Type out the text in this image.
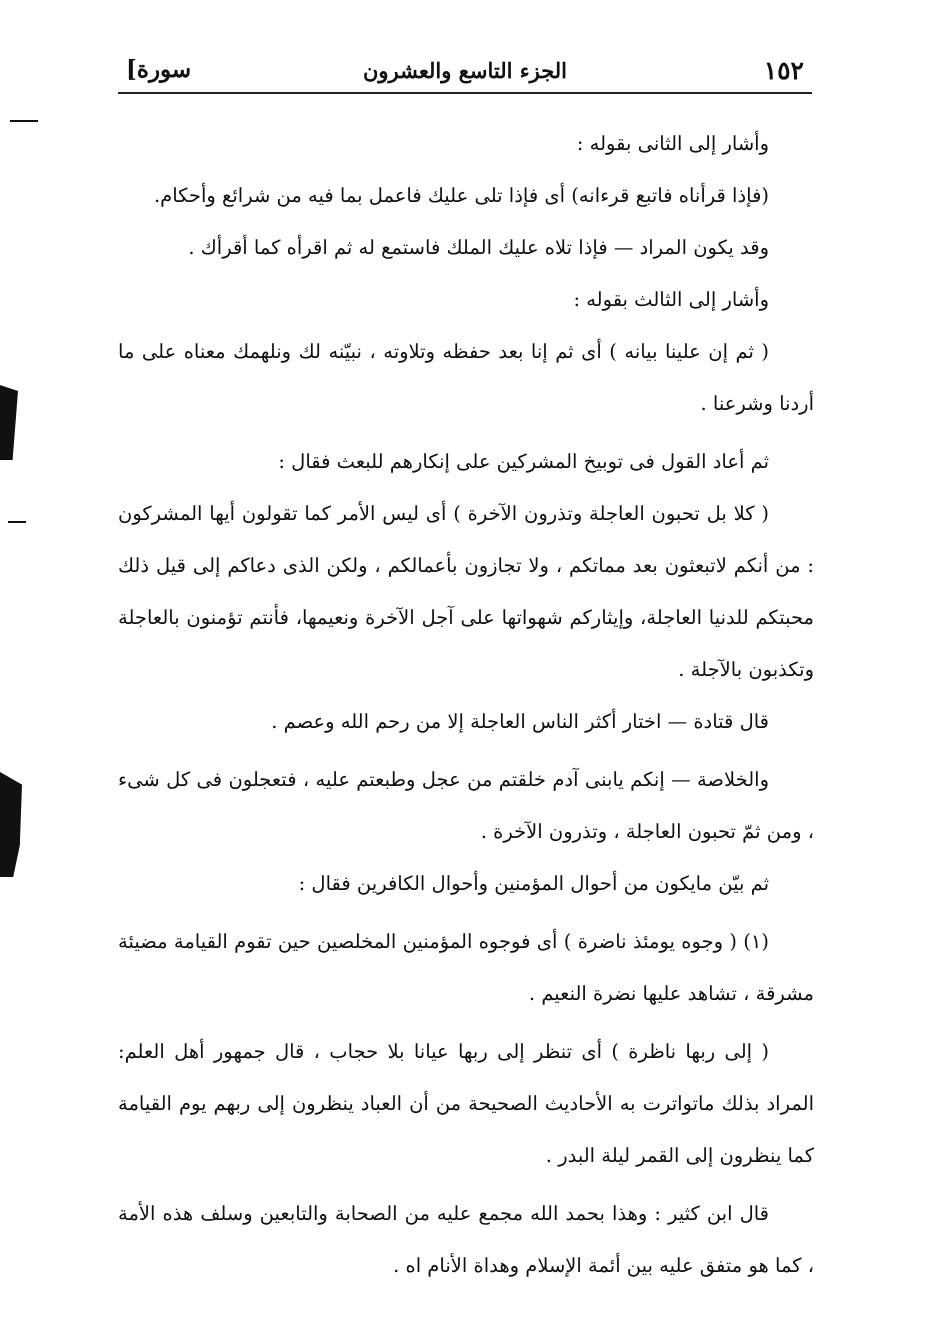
١٥٢
الجزء التاسع والعشرون
[سورة

وأشار إلى الثانى بقوله :

(فإذا قرأناه فاتبع قرءانه) أى فإذا تلى عليك فاعمل بما فيه من شرائع وأحكام.

وقد يكون المراد — فإذا تلاه عليك الملك فاستمع له ثم اقرأه كما أقرأك .

وأشار إلى الثالث بقوله :

( ثم إن علينا بيانه ) أى ثم إنا بعد حفظه وتلاوته ، نبيّنه لك ونلهمك معناه على ما أردنا وشرعنا .

ثم أعاد القول فى توبيخ المشركين على إنكارهم للبعث فقال :

( كلا بل تحبون العاجلة وتذرون الآخرة ) أى ليس الأمر كما تقولون أيها المشركون : من أنكم لاتبعثون بعد مماتكم ، ولا تجازون بأعمالكم ، ولكن الذى دعاكم إلى قيل ذلك محبتكم للدنيا العاجلة، وإيثاركم شهواتها على آجل الآخرة ونعيمها، فأنتم تؤمنون بالعاجلة وتكذبون بالآجلة .

قال قتادة — اختار أكثر الناس العاجلة إلا من رحم الله وعصم .

والخلاصة — إنكم يابنى آدم خلقتم من عجل وطبعتم عليه ، فتعجلون فى كل شىء ، ومن ثمّ تحبون العاجلة ، وتذرون الآخرة .

ثم بيّن مايكون من أحوال المؤمنين وأحوال الكافرين فقال :

(١) ( وجوه يومئذ ناضرة ) أى فوجوه المؤمنين المخلصين حين تقوم القيامة مضيئة مشرقة ، تشاهد عليها نضرة النعيم .

( إلى ربها ناظرة ) أى تنظر إلى ربها عيانا بلا حجاب ، قال جمهور أهل العلم: المراد بذلك ماتواترت به الأحاديث الصحيحة من أن العباد ينظرون إلى ربهم يوم القيامة كما ينظرون إلى القمر ليلة البدر .

قال ابن كثير : وهذا بحمد الله مجمع عليه من الصحابة والتابعين وسلف هذه الأمة ، كما هو متفق عليه بين أئمة الإسلام وهداة الأنام اه .
